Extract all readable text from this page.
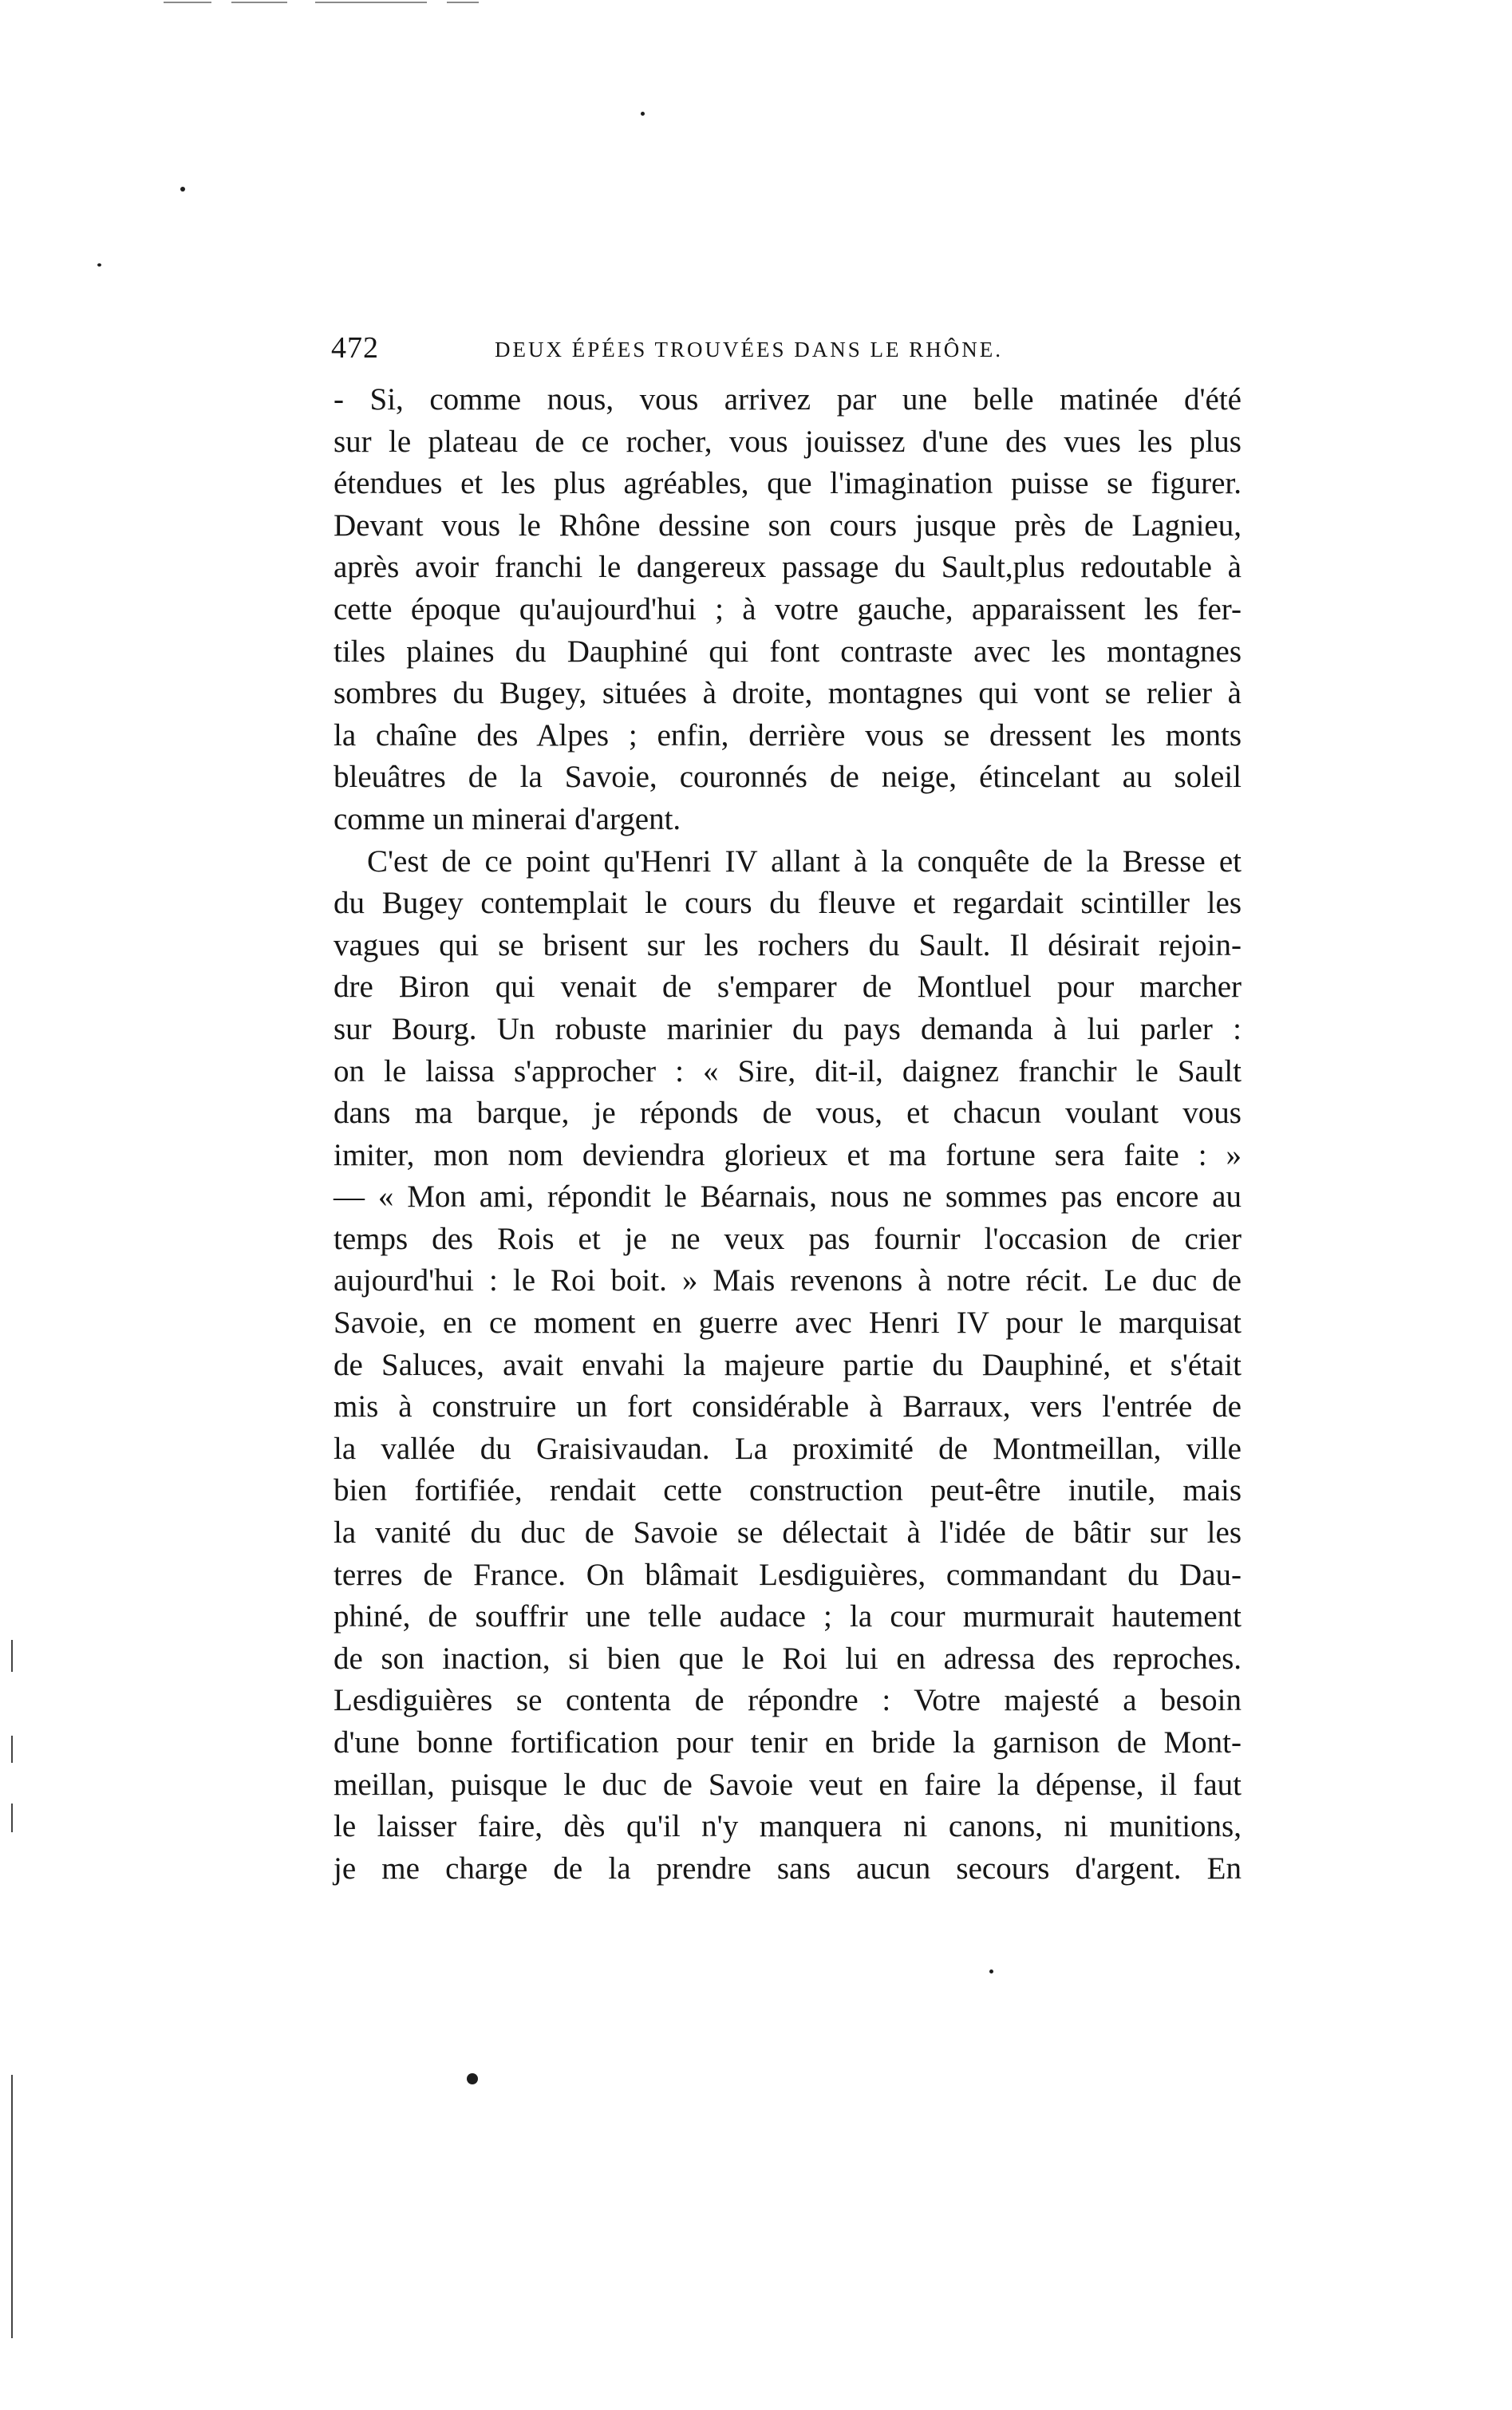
472	DEUX ÉPÉES TROUVÉES DANS LE RHÔNE.
- Si, comme nous, vous arrivez par une belle matinée d'été
sur le plateau de ce rocher, vous jouissez d'une des vues les plus
étendues et les plus agréables, que l'imagination puisse se figurer.
Devant vous le Rhône dessine son cours jusque près de Lagnieu,
après avoir franchi le dangereux passage du Sault,plus redoutable à
cette époque qu'aujourd'hui ; à votre gauche, apparaissent les fer-
tiles plaines du Dauphiné qui font contraste avec les montagnes
sombres du Bugey, situées à droite, montagnes qui vont se relier à
la chaîne des Alpes ; enfin, derrière vous se dressent les monts
bleuâtres de la Savoie, couronnés de neige, étincelant au soleil
comme un minerai d'argent.
C'est de ce point qu'Henri IV allant à la conquête de la Bresse et
du Bugey contemplait le cours du fleuve et regardait scintiller les
vagues qui se brisent sur les rochers du Sault. Il désirait rejoin-
dre Biron qui venait de s'emparer de Montluel pour marcher
sur Bourg. Un robuste marinier du pays demanda à lui parler :
on le laissa s'approcher : « Sire, dit-il, daignez franchir le Sault
dans ma barque, je réponds de vous, et chacun voulant vous
imiter, mon nom deviendra glorieux et ma fortune sera faite : »
— « Mon ami, répondit le Béarnais, nous ne sommes pas encore au
temps des Rois et je ne veux pas fournir l'occasion de crier
aujourd'hui : le Roi boit. » Mais revenons à notre récit. Le duc de
Savoie, en ce moment en guerre avec Henri IV pour le marquisat
de Saluces, avait envahi la majeure partie du Dauphiné, et s'était
mis à construire un fort considérable à Barraux, vers l'entrée de
la vallée du Graisivaudan. La proximité de Montmeillan, ville
bien fortifiée, rendait cette construction peut-être inutile, mais
la vanité du duc de Savoie se délectait à l'idée de bâtir sur les
terres de France. On blâmait Lesdiguières, commandant du Dau-
phiné, de souffrir une telle audace ; la cour murmurait hautement
de son inaction, si bien que le Roi lui en adressa des reproches.
Lesdiguières se contenta de répondre : Votre majesté a besoin
d'une bonne fortification pour tenir en bride la garnison de Mont-
meillan, puisque le duc de Savoie veut en faire la dépense, il faut
le laisser faire, dès qu'il n'y manquera ni canons, ni munitions,
je me charge de la prendre sans aucun secours d'argent. En
